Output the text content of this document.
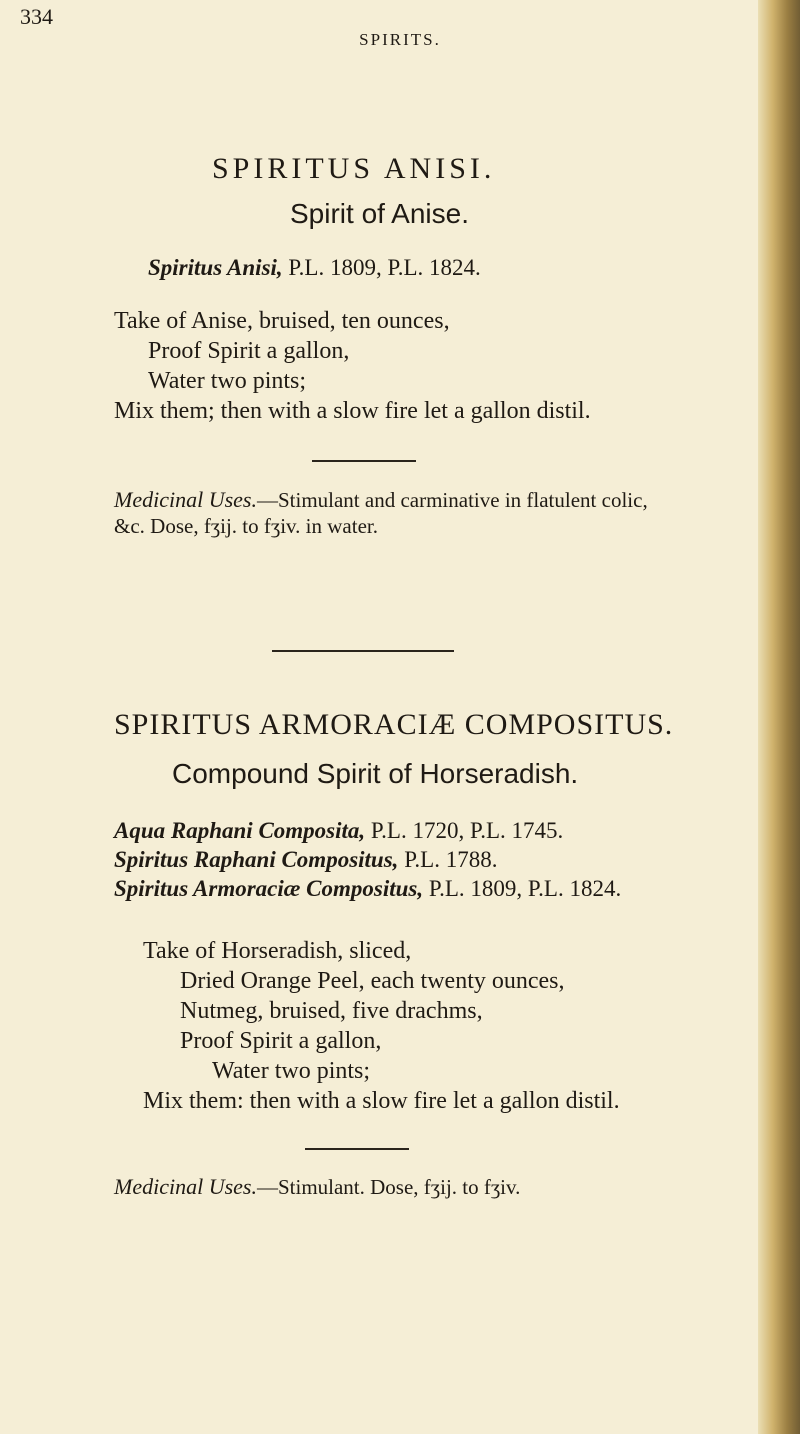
334
SPIRITS.
SPIRITUS ANISI.
Spirit of Anise.
Spiritus Anisi, P.L. 1809, P.L. 1824.
Take of Anise, bruised, ten ounces,
Proof Spirit a gallon,
Water two pints;
Mix them; then with a slow fire let a gallon distil.
Medicinal Uses.—Stimulant and carminative in flatulent colic,
&c. Dose, fʒij. to fʒiv. in water.
SPIRITUS ARMORACIÆ COMPOSITUS.
Compound Spirit of Horseradish.
Aqua Raphani Composita, P.L. 1720, P.L. 1745.
Spiritus Raphani Compositus, P.L. 1788.
Spiritus Armoraciæ Compositus, P.L. 1809, P.L. 1824.
Take of Horseradish, sliced,
Dried Orange Peel, each twenty ounces,
Nutmeg, bruised, five drachms,
Proof Spirit a gallon,
Water two pints;
Mix them: then with a slow fire let a gallon distil.
Medicinal Uses.—Stimulant. Dose, fʒij. to fʒiv.
